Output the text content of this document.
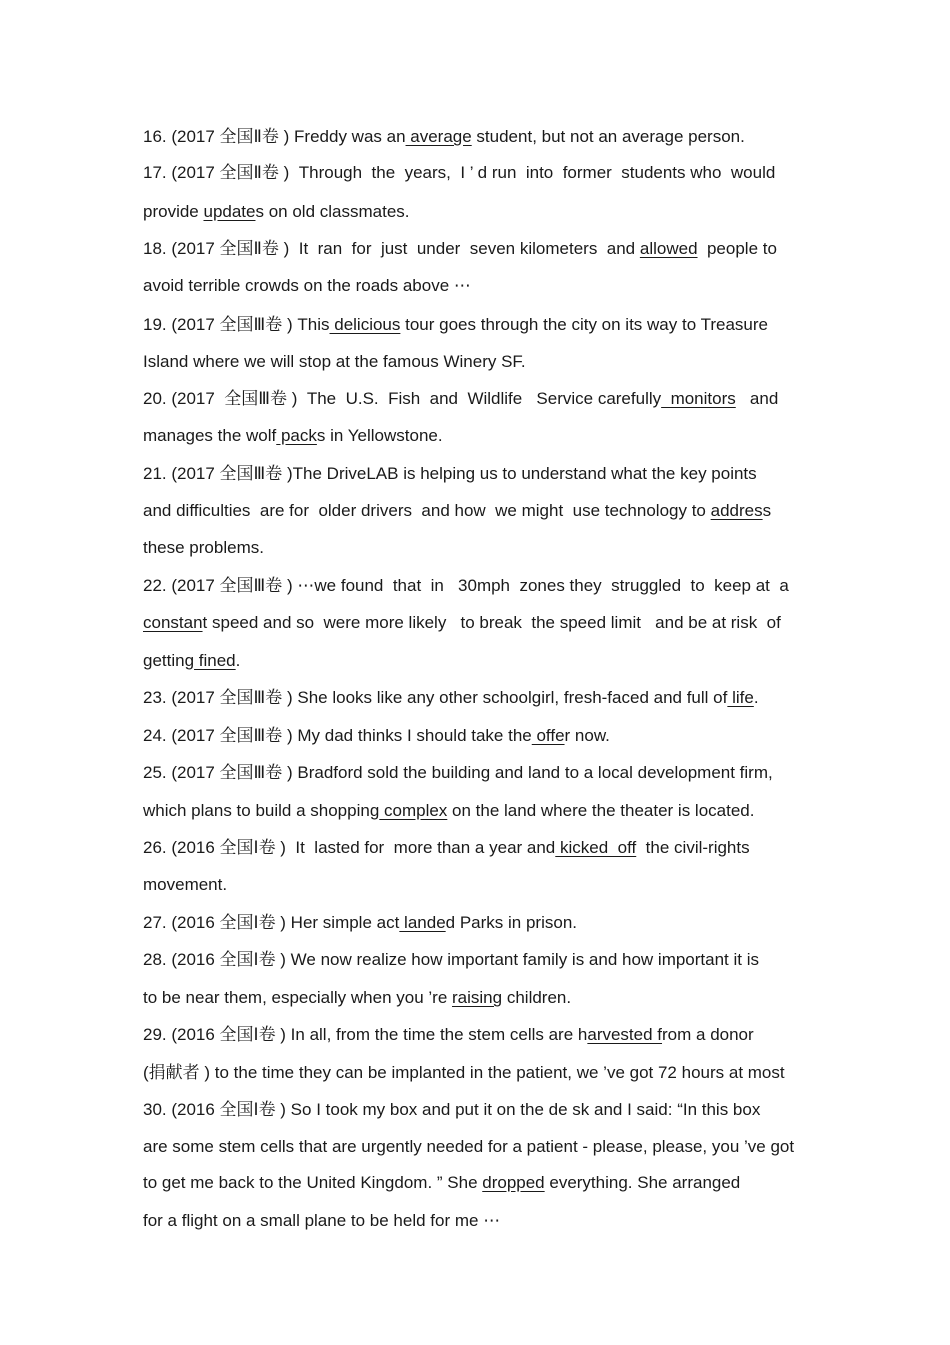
16. (2017 全国Ⅱ卷 ) Freddy was an average student, but not an average person.
17. (2017 全国Ⅱ卷 )  Through  the  years,  I ’ d run  into  former  students who  would
provide updates on old classmates.
18. (2017 全国Ⅱ卷 )  It  ran  for  just  under  seven kilometers  and allowed  people to
avoid terrible crowds on the roads above ⋯
19. (2017 全国Ⅲ卷 ) This delicious tour goes through the city on its way to Treasure
Island where we will stop at the famous Winery SF.
20. (2017  全国Ⅲ卷 )  The  U.S.  Fish  and  Wildlife   Service carefully  monitors   and
manages the wolf packs in Yellowstone.
21. (2017 全国Ⅲ卷 )The DriveLAB is helping us to understand what the key points
and difficulties  are for  older drivers  and how  we might  use technology to address
these problems.
22. (2017 全国Ⅲ卷 ) ⋯we found  that  in   30mph  zones they  struggled  to  keep at  a
constant speed and so  were more likely   to break  the speed limit   and be at risk  of
getting fined.
23. (2017 全国Ⅲ卷 ) She looks like any other schoolgirl, fresh-faced and full of life.
24. (2017 全国Ⅲ卷 ) My dad thinks I should take the offer now.
25. (2017 全国Ⅲ卷 ) Bradford sold the building and land to a local development firm,
which plans to build a shopping complex on the land where the theater is located.
26. (2016 全国Ⅰ卷 )  It  lasted for  more than a year and kicked  off  the civil-rights
movement.
27. (2016 全国Ⅰ卷 ) Her simple act landed Parks in prison.
28. (2016 全国Ⅰ卷 ) We now realize how important family is and how important it is
to be near them, especially when you ’re raising children.
29. (2016 全国Ⅰ卷 ) In all, from the time the stem cells are harvested from a donor
(捐献者 ) to the time they can be implanted in the patient, we ’ve got 72 hours at most
30. (2016 全国Ⅰ卷 ) So I took my box and put it on the de sk and I said: “In this box
are some stem cells that are urgently needed for a patient - please, please, you ’ve got
to get me back to the United Kingdom. ” She dropped everything. She arranged
for a flight on a small plane to be held for me ⋯
